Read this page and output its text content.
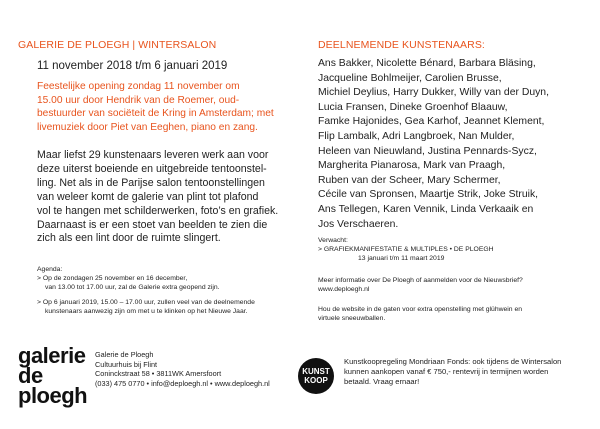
GALERIE DE PLOEGH | WINTERSALON
11 november 2018 t/m 6 januari 2019
Feestelijke opening zondag 11 november om
15.00 uur door Hendrik van de Roemer, oud-
bestuurder van sociëteit de Kring in Amsterdam; met
livemuziek door Piet van Eeghen, piano en zang.
Maar liefst 29 kunstenaars leveren werk aan voor
deze uiterst boeiende en uitgebreide tentoonstel-
ling. Net als in de Parijse salon tentoonstellingen
van weleer komt de galerie van plint tot plafond
vol te hangen met schilderwerken, foto’s en grafiek.
Daarnaast is er een stoet van beelden te zien die
zich als een lint door de ruimte slingert.
Agenda:
> Op de zondagen 25 november en 16 december,
van 13.00 tot 17.00 uur, zal de Galerie extra geopend zijn.
> Op 6 januari 2019, 15.00 – 17.00 uur, zullen veel van de deelnemende
kunstenaars aanwezig zijn om met u te klinken op het Nieuwe Jaar.
galerie
de
ploegh
Galerie de Ploegh
Cultuurhuis bij Flint
Coninckstraat 58 • 3811WK Amersfoort
(033) 475 0770 • info@deploegh.nl • www.deploegh.nl
DEELNEMENDE KUNSTENAARS:
Ans Bakker, Nicolette Bénard, Barbara Bläsing,
Jacqueline Bohlmeijer, Carolien Brusse,
Michiel Deylius, Harry Dukker, Willy van der Duyn,
Lucia Fransen, Dineke Groenhof Blaauw,
Famke Hajonides, Gea Karhof, Jeannet Klement,
Flip Lambalk, Adri Langbroek, Nan Mulder,
Heleen van Nieuwland, Justina Pennards-Sycz,
Margherita Pianarosa, Mark van Praagh,
Ruben van der Scheer, Mary Schermer,
Cécile van Spronsen, Maartje Strik, Joke Struik,
Ans Tellegen, Karen Vennik, Linda Verkaaik en
Jos Verschaeren.
Verwacht:
> GRAFIEKMANIFESTATIE & MULTIPLES • DE PLOEGH
13 januari t/m 11 maart 2019
Meer informatie over De Ploegh of aanmelden voor de Nieuwsbrief?
www.deploegh.nl
Hou de website in de gaten voor extra openstelling met glühwein en
virtuele sneeuwballen.
KUNST
KOOP
Kunstkoopregeling Mondriaan Fonds: ook tijdens de Wintersalon
kunnen aankopen vanaf € 750,- rentevrij in termijnen worden
betaald. Vraag ernaar!
